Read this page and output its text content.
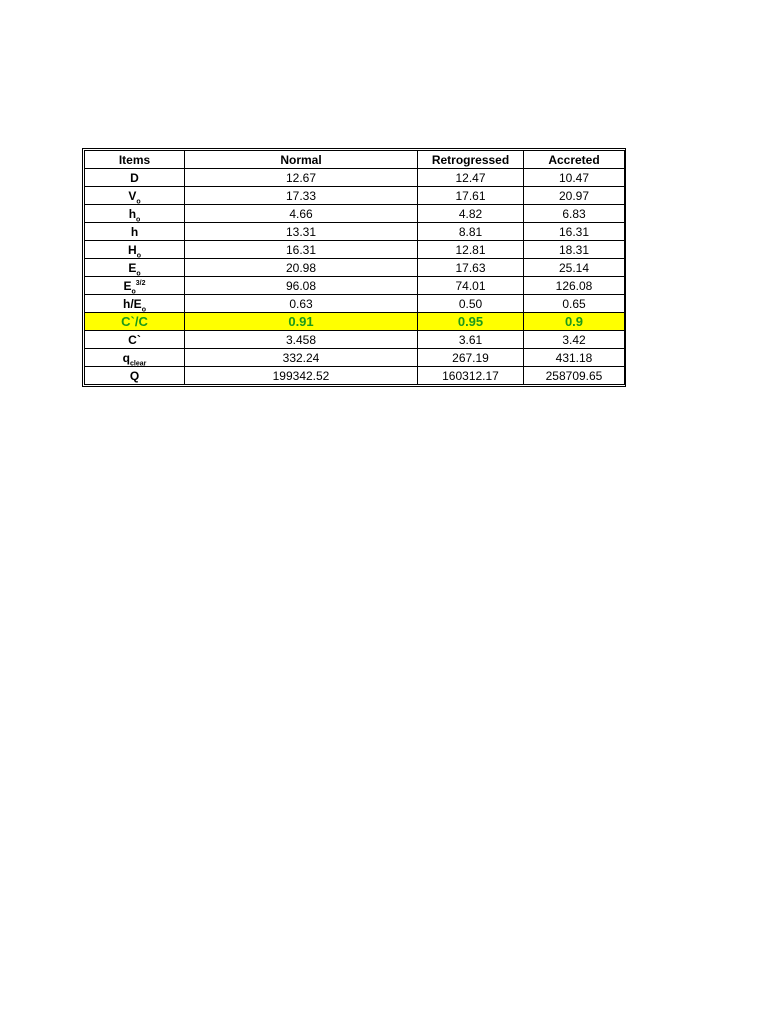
Items	Normal	Retrogressed	Accreted
D	12.67	12.47	10.47
$V_o$	17.33	17.61	20.97
$h_o$	4.66	4.82	6.83
h	13.31	8.81	16.31
$H_o$	16.31	12.81	18.31
$E_o$	20.98	17.63	25.14
$E_o^{3/2}$	96.08	74.01	126.08
$h/E_o$	0.63	0.50	0.65
C`/C	0.91	0.95	0.9
C`	3.458	3.61	3.42
$q_{clear}$	332.24	267.19	431.18
Q	199342.52	160312.17	258709.65
